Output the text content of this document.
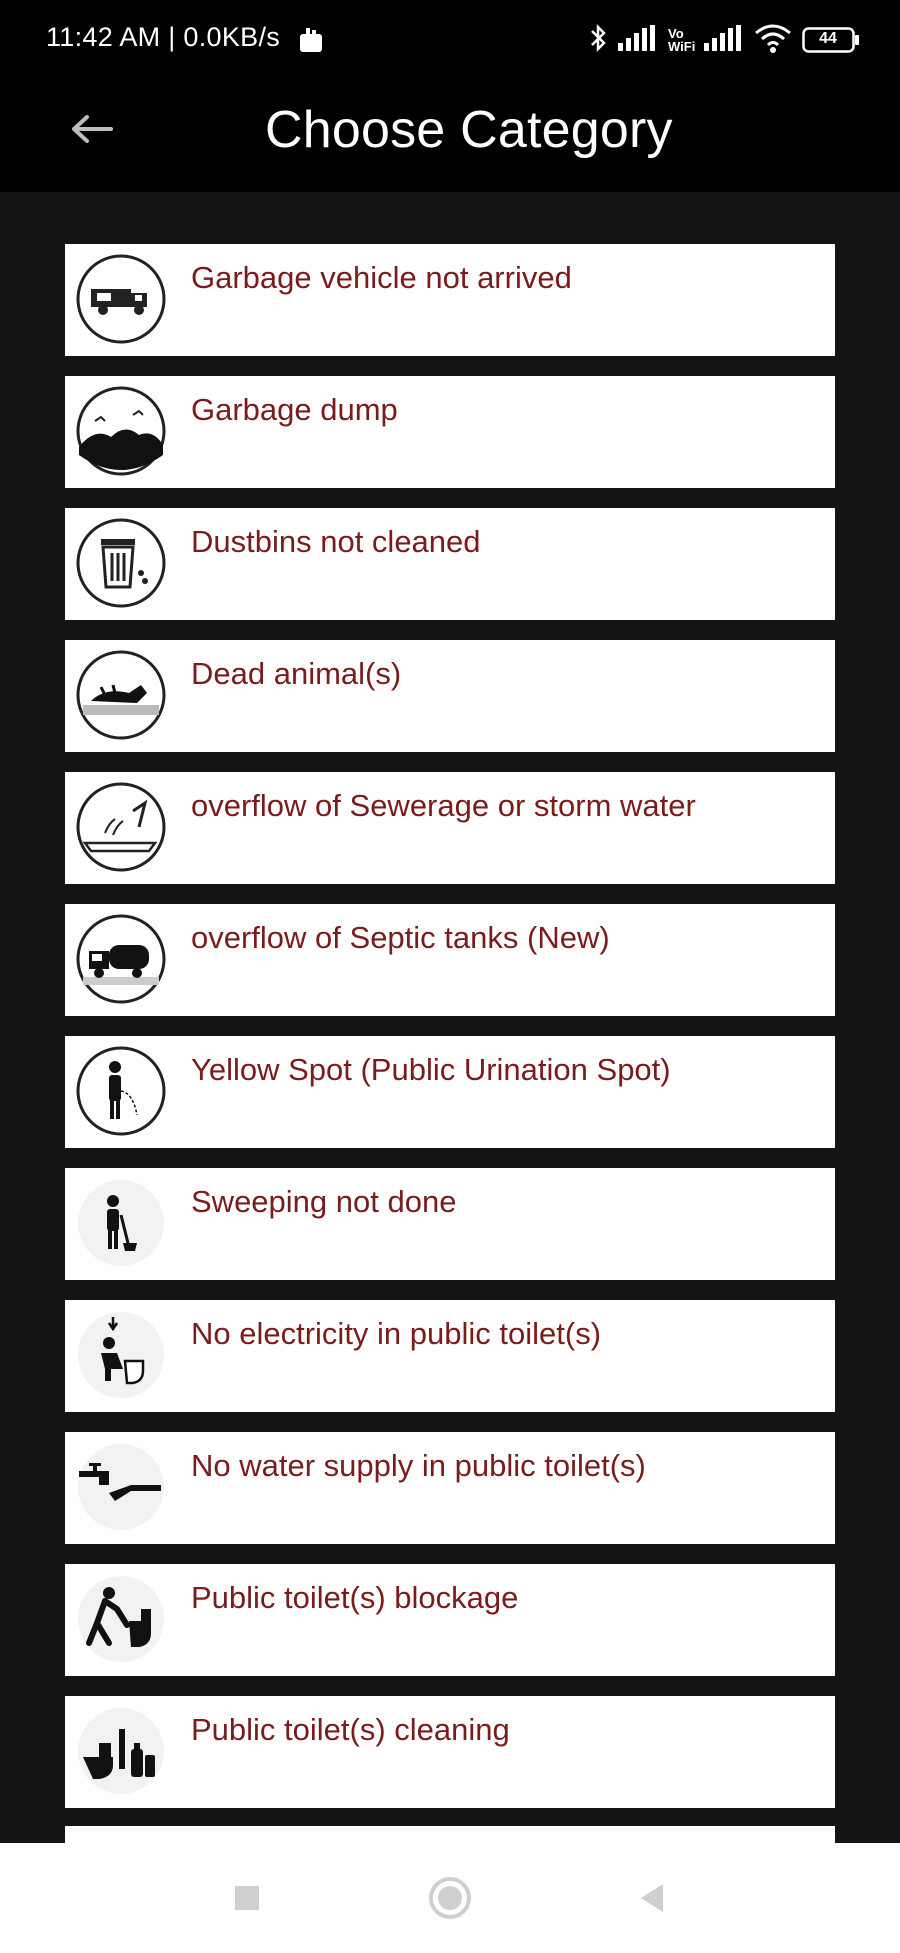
11:42 AM | 0.0KB/s	Vo WiFi	44
Choose Category
Garbage vehicle not arrived
Garbage dump
Dustbins not cleaned
Dead animal(s)
overflow of Sewerage or storm water
overflow of Septic tanks (New)
Yellow Spot (Public Urination Spot)
Sweeping not done
No electricity in public toilet(s)
No water supply in public toilet(s)
Public toilet(s) blockage
Public toilet(s) cleaning
